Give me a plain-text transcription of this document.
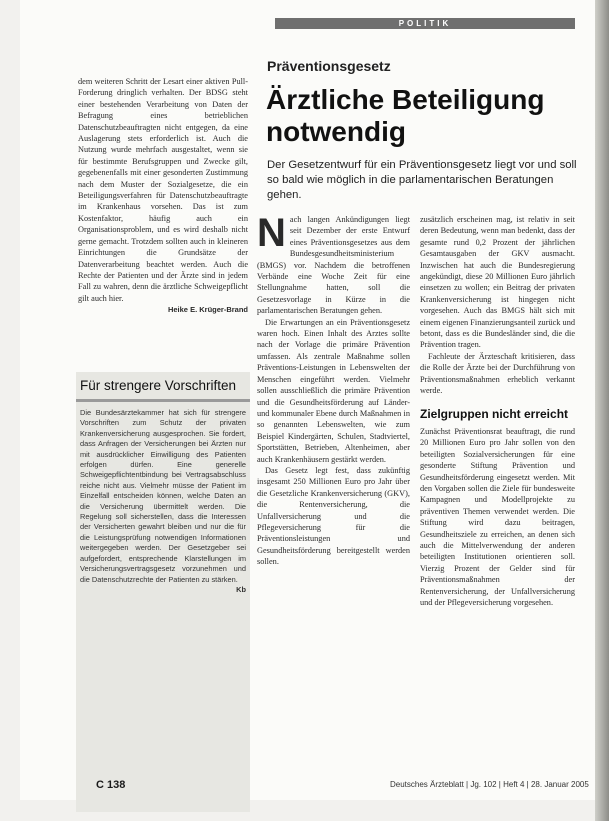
POLITIK

dem weiteren Schritt der Lesart einer aktiven Pull-Forderung dringlich verhalten. Der BDSG steht einer bestehenden Verarbeitung von Daten der Befragung eines betrieblichen Datenschutzbeauftragten nicht entgegen, da eine Auslagerung stets erforderlich ist. Auch die Nutzung wurde mehrfach ausgestaltet, wenn sie für bestimmte Berufsgruppen und Zwecke gilt, gegebenenfalls mit einer gesonderten Zustimmung nach dem Muster der Sozialgesetze, die ein Beteiligungsverfahren für Datenschutzbeauftragte im Krankenhaus vorsehen. Das ist zum Kostenfaktor, häufig auch ein Organisationsproblem, und es wird deshalb nicht gerne gemacht. Trotzdem sollten auch in kleineren Einrichtungen die Grundsätze der Datenverarbeitung beachtet werden. Auch die Rechte der Patienten und der Ärzte sind in jedem Fall zu wahren, denn die ärztliche Schweigepflicht gilt auch hier.

Heike E. Krüger-Brand

Für strengere Vorschriften
Die Bundesärztekammer hat sich für strengere Vorschriften zum Schutz der privaten Krankenversicherung ausgesprochen. Sie fordert, dass Anfragen der Versicherungen bei Ärzten nur mit ausdrücklicher Einwilligung des Patienten erfolgen dürfen. Eine generelle Schweigepflichtentbindung bei Vertragsabschluss reiche nicht aus. Vielmehr müsse der Patient im Einzelfall entscheiden können, welche Daten an die Versicherung übermittelt werden. Die Regelung soll sicherstellen, dass die Interessen der Versicherten gewahrt bleiben und nur die für die Leistungsprüfung notwendigen Informationen weitergegeben werden. Der Gesetzgeber sei aufgefordert, entsprechende Klarstellungen im Versicherungsvertragsgesetz vorzunehmen und die Datenschutzrechte der Patienten zu stärken.
Kb
Präventionsgesetz
Ärztliche Beteiligung notwendig

Der Gesetzentwurf für ein Präventionsgesetz liegt vor und soll so bald wie möglich in die parlamentarischen Beratungen gehen.

Nach langen Ankündigungen liegt seit Dezember der erste Entwurf eines Präventionsgesetzes aus dem Bundesgesundheitsministerium (BMGS) vor. Nachdem die betroffenen Verbände eine Woche Zeit für eine Stellungnahme hatten, soll die Gesetzesvorlage in Kürze in die parlamentarischen Beratungen gehen.

Die Erwartungen an ein Präventionsgesetz waren hoch. Einen Inhalt des Arztes sollte nach der Vorlage die primäre Prävention umfassen. Als zentrale Maßnahme sollen Präventions-Leistungen in Lebenswelten der Menschen eingeführt werden. Vielmehr sollen ausschließlich die primäre Prävention und die Gesundheitsförderung auf Länder- und kommunaler Ebene durch Maßnahmen in so genannten Lebenswelten, wie zum Beispiel Kindergärten, Schulen, Stadtviertel, Sportstätten, Betrieben, Altenheimen, aber auch Krankenhäusern gestärkt werden.

Das Gesetz legt fest, dass zukünftig insgesamt 250 Millionen Euro pro Jahr über die Gesetzliche Krankenversicherung (GKV), die Rentenversicherung, die Unfallversicherung und die Pflegeversicherung für die Präventionsleistungen und Gesundheitsförderung bereitgestellt werden sollen.

zusätzlich erscheinen mag, ist relativ in seit deren Bedeutung, wenn man bedenkt, dass der gesamte rund 0,2 Prozent der jährlichen Gesamtausgaben der GKV ausmacht. Inzwischen hat auch die Bundesregierung angekündigt, diese 20 Millionen Euro jährlich einsetzen zu wollen; ein Beitrag der privaten Krankenversicherung ist hingegen nicht vorgesehen. Auch das BMGS hält sich mit einem eigenen Finanzierungsanteil zurück und betont, dass es die Bundesländer sind, die die Prävention tragen.

Fachleute der Ärzteschaft kritisieren, dass die Rolle der Ärzte bei der Durchführung von Präventionsmaßnahmen erheblich verkannt werde.

Zielgruppen nicht erreicht

Zunächst Präventionsrat beauftragt, die rund 20 Millionen Euro pro Jahr sollen von den beteiligten Sozialversicherungen für eine gesonderte Stiftung Prävention und Gesundheitsförderung eingesetzt werden. Mit den Vorgaben sollen die Ziele für bundesweite Kampagnen und Modellprojekte zu präventiven Themen verwendet werden. Die Stiftung wird dazu beitragen, Gesundheitsziele zu erreichen, an denen sich auch die Mittelverwendung der anderen beteiligten Institutionen orientieren soll. Vierzig Prozent der Gelder sind für Präventionsmaßnahmen der Rentenversicherung, der Unfallversicherung und der Pflegeversicherung vorgesehen.

C 138	Deutsches Ärzteblatt | Jg. 102 | Heft 4 | 28. Januar 2005
